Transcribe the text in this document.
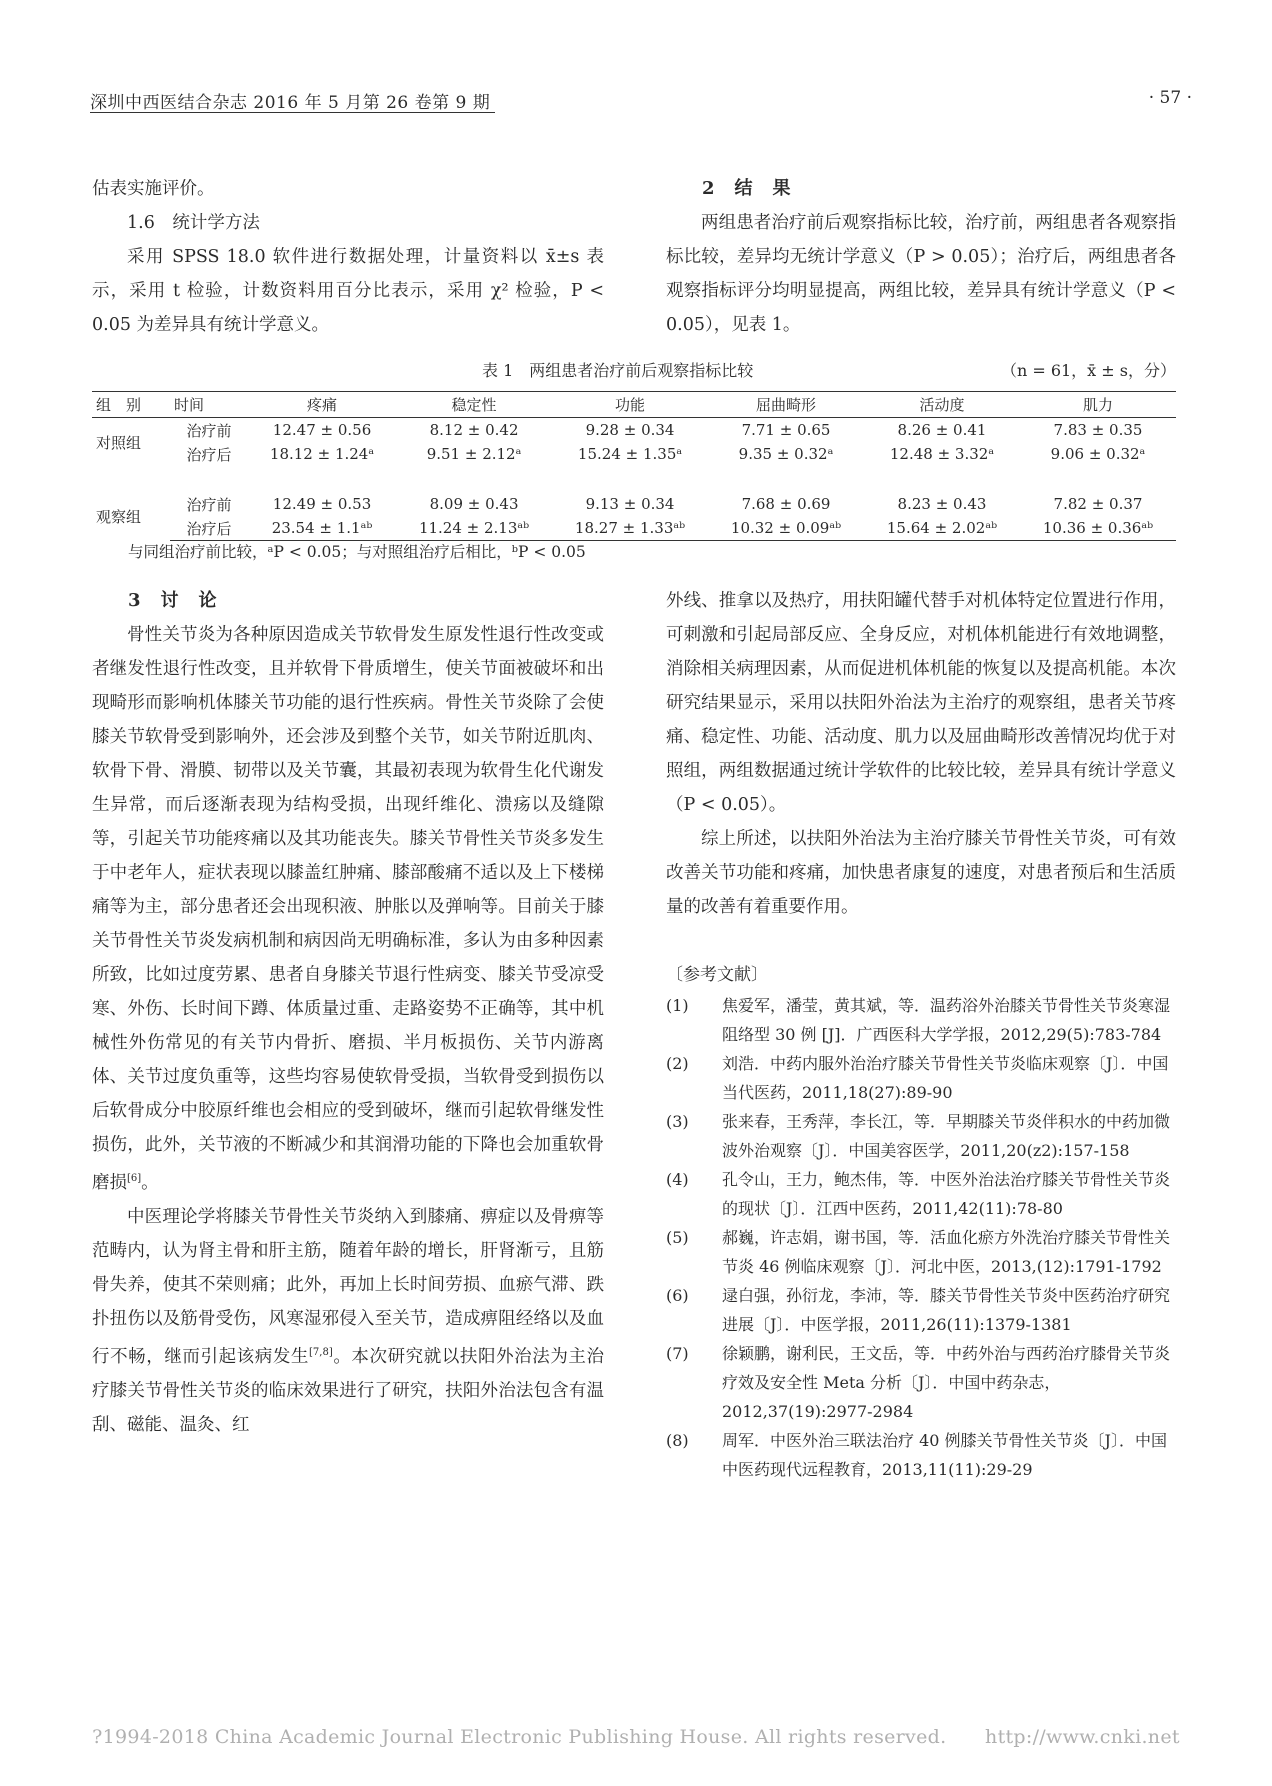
深圳中西医结合杂志 2016 年 5 月第 26 卷第 9 期	· 57 ·

估表实施评价。

1.6　统计学方法

采用 SPSS 18.0 软件进行数据处理，计量资料以 x̄±s 表示，采用 t 检验，计数资料用百分比表示，采用 χ² 检验，P < 0.05 为差异具有统计学意义。

2　结　果

两组患者治疗前后观察指标比较，治疗前，两组患者各观察指标比较，差异均无统计学意义（P > 0.05）；治疗后，两组患者各观察指标评分均明显提高，两组比较，差异具有统计学意义（P < 0.05），见表 1。

表 1　两组患者治疗前后观察指标比较	（n = 61，x̄ ± s，分）
组　别	时间	疼痛	稳定性	功能	屈曲畸形	活动度	肌力
对照组	治疗前	12.47 ± 0.56	8.12 ± 0.42	9.28 ± 0.34	7.71 ± 0.65	8.26 ± 0.41	7.83 ± 0.35
	治疗后	18.12 ± 1.24ᵃ	9.51 ± 2.12ᵃ	15.24 ± 1.35ᵃ	9.35 ± 0.32ᵃ	12.48 ± 3.32ᵃ	9.06 ± 0.32ᵃ

观察组	治疗前	12.49 ± 0.53	8.09 ± 0.43	9.13 ± 0.34	7.68 ± 0.69	8.23 ± 0.43	7.82 ± 0.37
	治疗后	23.54 ± 1.1ᵃᵇ	11.24 ± 2.13ᵃᵇ	18.27 ± 1.33ᵃᵇ	10.32 ± 0.09ᵃᵇ	15.64 ± 2.02ᵃᵇ	10.36 ± 0.36ᵃᵇ
与同组治疗前比较，ᵃP < 0.05；与对照组治疗后相比，ᵇP < 0.05

3　讨　论

骨性关节炎为各种原因造成关节软骨发生原发性退行性改变或者继发性退行性改变，且并软骨下骨质增生，使关节面被破坏和出现畸形而影响机体膝关节功能的退行性疾病。骨性关节炎除了会使膝关节软骨受到影响外，还会涉及到整个关节，如关节附近肌肉、软骨下骨、滑膜、韧带以及关节囊，其最初表现为软骨生化代谢发生异常，而后逐渐表现为结构受损，出现纤维化、溃疡以及缝隙等，引起关节功能疼痛以及其功能丧失。膝关节骨性关节炎多发生于中老年人，症状表现以膝盖红肿痛、膝部酸痛不适以及上下楼梯痛等为主，部分患者还会出现积液、肿胀以及弹响等。目前关于膝关节骨性关节炎发病机制和病因尚无明确标准，多认为由多种因素所致，比如过度劳累、患者自身膝关节退行性病变、膝关节受凉受寒、外伤、长时间下蹲、体质量过重、走路姿势不正确等，其中机械性外伤常见的有关节内骨折、磨损、半月板损伤、关节内游离体、关节过度负重等，这些均容易使软骨受损，当软骨受到损伤以后软骨成分中胶原纤维也会相应的受到破坏，继而引起软骨继发性损伤，此外，关节液的不断减少和其润滑功能的下降也会加重软骨磨损[6]。

中医理论学将膝关节骨性关节炎纳入到膝痛、痹症以及骨痹等范畴内，认为肾主骨和肝主筋，随着年龄的增长，肝肾渐亏，且筋骨失养，使其不荣则痛；此外，再加上长时间劳损、血瘀气滞、跌扑扭伤以及筋骨受伤，风寒湿邪侵入至关节，造成痹阻经络以及血行不畅，继而引起该病发生[7,8]。本次研究就以扶阳外治法为主治疗膝关节骨性关节炎的临床效果进行了研究，扶阳外治法包含有温刮、磁能、温灸、红

外线、推拿以及热疗，用扶阳罐代替手对机体特定位置进行作用，可刺激和引起局部反应、全身反应，对机体机能进行有效地调整，消除相关病理因素，从而促进机体机能的恢复以及提高机能。本次研究结果显示，采用以扶阳外治法为主治疗的观察组，患者关节疼痛、稳定性、功能、活动度、肌力以及屈曲畸形改善情况均优于对照组，两组数据通过统计学软件的比较比较，差异具有统计学意义（P < 0.05）。

综上所述，以扶阳外治法为主治疗膝关节骨性关节炎，可有效改善关节功能和疼痛，加快患者康复的速度，对患者预后和生活质量的改善有着重要作用。

〔参考文献〕
(1) 焦爱军，潘莹，黄其斌，等．温药浴外治膝关节骨性关节炎寒湿阻络型 30 例 [J]．广西医科大学学报，2012,29(5):783-784
(2) 刘浩．中药内服外治治疗膝关节骨性关节炎临床观察〔J〕．中国当代医药，2011,18(27):89-90
(3) 张来春，王秀萍，李长江，等．早期膝关节炎伴积水的中药加微波外治观察〔J〕．中国美容医学，2011,20(z2):157-158
(4) 孔令山，王力，鲍杰伟，等．中医外治法治疗膝关节骨性关节炎的现状〔J〕．江西中医药，2011,42(11):78-80
(5) 郝巍，许志娟，谢书国，等．活血化瘀方外洗治疗膝关节骨性关节炎 46 例临床观察〔J〕．河北中医，2013,(12):1791-1792
(6) 逯白强，孙衍龙，李沛，等．膝关节骨性关节炎中医药治疗研究进展〔J〕．中医学报，2011,26(11):1379-1381
(7) 徐颖鹏，谢利民，王文岳，等．中药外治与西药治疗膝骨关节炎疗效及安全性 Meta 分析〔J〕．中国中药杂志，2012,37(19):2977-2984
(8) 周军．中医外治三联法治疗 40 例膝关节骨性关节炎〔J〕．中国中医药现代远程教育，2013,11(11):29-29
?1994-2018 China Academic Journal Electronic Publishing House. All rights reserved.　　http://www.cnki.net
